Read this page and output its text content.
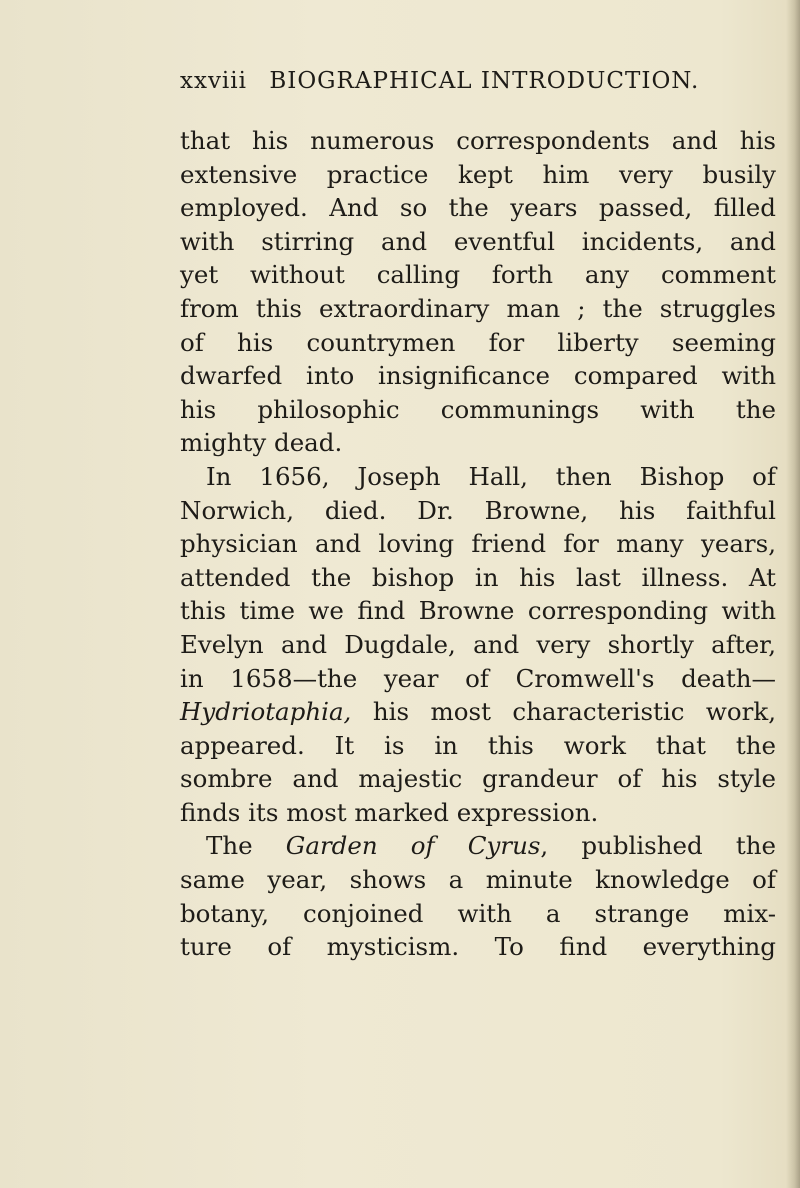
xxviii BIOGRAPHICAL INTRODUCTION.
that his numerous correspondents and his
extensive practice kept him very busily
employed. And so the years passed, filled
with stirring and eventful incidents, and
yet without calling forth any comment
from this extraordinary man ; the struggles
of his countrymen for liberty seeming
dwarfed into insignificance compared with
his philosophic communings with the
mighty dead.
In 1656, Joseph Hall, then Bishop of
Norwich, died. Dr. Browne, his faithful
physician and loving friend for many years,
attended the bishop in his last illness. At
this time we find Browne corresponding with
Evelyn and Dugdale, and very shortly after,
in 1658—the year of Cromwell's death—
Hydriotaphia, his most characteristic work,
appeared. It is in this work that the
sombre and majestic grandeur of his style
finds its most marked expression.
The Garden of Cyrus, published the
same year, shows a minute knowledge of
botany, conjoined with a strange mix-
ture of mysticism. To find everything
